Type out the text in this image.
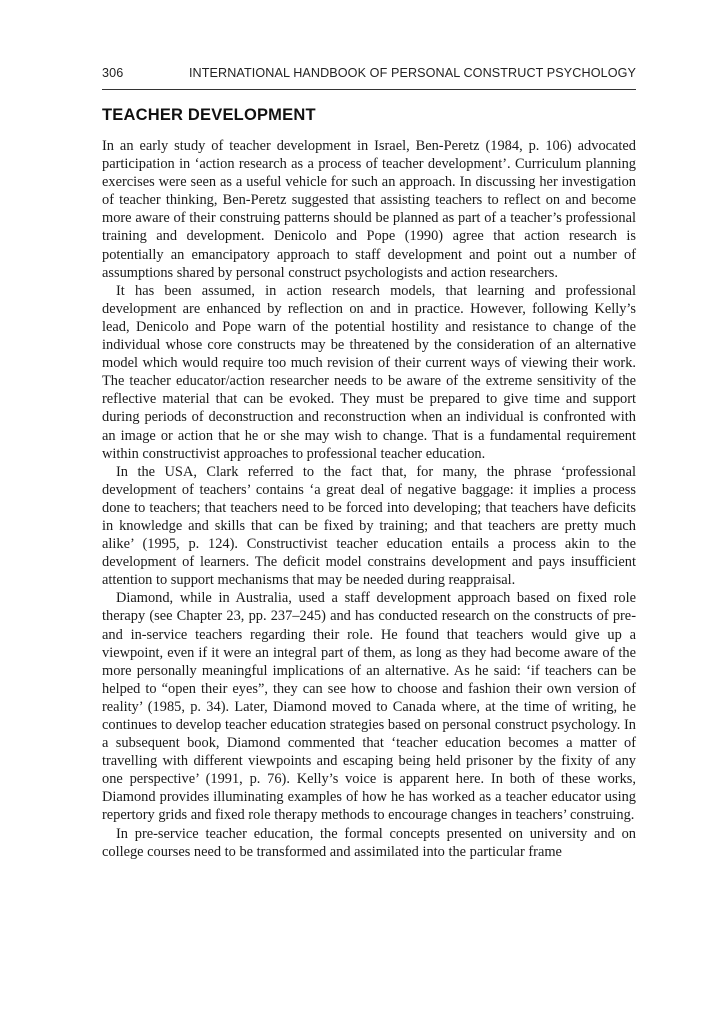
306	INTERNATIONAL HANDBOOK OF PERSONAL CONSTRUCT PSYCHOLOGY
TEACHER DEVELOPMENT

In an early study of teacher development in Israel, Ben-Peretz (1984, p. 106) advocated participation in ‘action research as a process of teacher development’. Curriculum planning exercises were seen as a useful vehicle for such an approach. In discussing her investigation of teacher thinking, Ben-Peretz suggested that assisting teachers to reflect on and become more aware of their construing patterns should be planned as part of a teacher’s professional training and development. Denicolo and Pope (1990) agree that action research is potentially an emancipatory approach to staff development and point out a number of assumptions shared by personal construct psychologists and action researchers.

It has been assumed, in action research models, that learning and professional development are enhanced by reflection on and in practice. However, following Kelly’s lead, Denicolo and Pope warn of the potential hostility and resistance to change of the individual whose core constructs may be threatened by the consideration of an alternative model which would require too much revision of their current ways of viewing their work. The teacher educator/action researcher needs to be aware of the extreme sensitivity of the reflective material that can be evoked. They must be prepared to give time and support during periods of deconstruction and reconstruction when an individual is confronted with an image or action that he or she may wish to change. That is a fundamental requirement within constructivist approaches to professional teacher education.

In the USA, Clark referred to the fact that, for many, the phrase ‘professional development of teachers’ contains ‘a great deal of negative baggage: it implies a process done to teachers; that teachers need to be forced into developing; that teachers have deficits in knowledge and skills that can be fixed by training; and that teachers are pretty much alike’ (1995, p. 124). Constructivist teacher education entails a process akin to the development of learners. The deficit model constrains development and pays insufficient attention to support mechanisms that may be needed during reappraisal.

Diamond, while in Australia, used a staff development approach based on fixed role therapy (see Chapter 23, pp. 237–245) and has conducted research on the constructs of pre- and in-service teachers regarding their role. He found that teachers would give up a viewpoint, even if it were an integral part of them, as long as they had become aware of the more personally meaningful implications of an alternative. As he said: ‘if teachers can be helped to “open their eyes”, they can see how to choose and fashion their own version of reality’ (1985, p. 34). Later, Diamond moved to Canada where, at the time of writing, he continues to develop teacher education strategies based on personal construct psychology. In a subsequent book, Diamond commented that ‘teacher education becomes a matter of travelling with different viewpoints and escaping being held prisoner by the fixity of any one perspective’ (1991, p. 76). Kelly’s voice is apparent here. In both of these works, Diamond provides illuminating examples of how he has worked as a teacher educator using repertory grids and fixed role therapy methods to encourage changes in teachers’ construing.

In pre-service teacher education, the formal concepts presented on university and on college courses need to be transformed and assimilated into the particular frame
